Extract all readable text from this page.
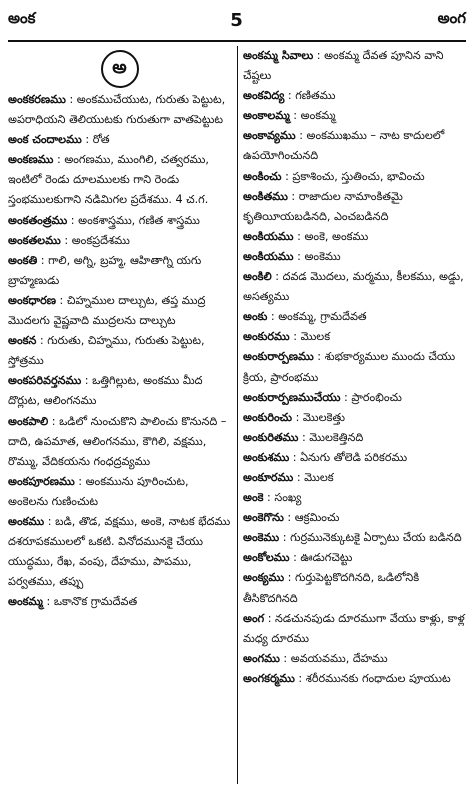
అంక	5	అంగ
అ

అంకకరణము : అంకముచేయుట, గురుతు పెట్టుట, అపరాధియని తెలియుటకు గురుతుగా వాతపెట్టుట

అంక చందాలము : రోత

అంకణము : అంగణము, ముంగిలి, చత్వరము, ఇంటిలో రెండు దూలములకు గాని రెండు స్తంభములకుగాని నడిమిగల ప్రదేశము. 4 చ.గ.

అంకతంత్రము : అంకశాస్త్రము, గణిత శాస్త్రము

అంకతలము : అంకప్రదేశము

అంకతి : గాలి, అగ్ని, బ్రహ్మ, ఆహితాగ్ని యగు బ్రాహ్మణుడు

అంకధారణ : చిహ్నముల దాల్చుట, తప్త ముద్ర మొదలగు వైష్ణవాది ముద్రలను దాల్చుట

అంకన : గురుతు, చిహ్నము, గురుతు పెట్టుట, స్తోత్రము

అంకపరివర్తనము : ఒత్తిగిల్లుట, అంకము మీద దొర్లుట, ఆలింగనము

అంకపాలి : ఒడిలో నుంచుకొని పాలించు కొనునది – దాది, ఉపమాత, ఆలింగనము, కౌగిలి, వక్షము, రొమ్ము, వేదికయను గంధద్రవ్యము

అంకపూరణము : అంకమును పూరించుట, అంకెలను గుణించుట

అంకము : బడి, తొడ, వక్షము, అంకె, నాటక భేదము దశరూపకములలో ఒకటి. వినోదమునకై చేయు యుద్ధము, రేఖ, వంపు, దేహము, పాపము, పర్వతము, తప్పు

అంకమ్మ : ఒకానొక గ్రామదేవత

అంకమ్మ సివాలు : అంకమ్మ దేవత పూనిన వాని చేష్టలు

అంకవిద్య : గణితము

అంకాలమ్మ : అంకమ్మ

అంకావ్యము : అంకముఖము – నాట కాదులలో ఉపయోగించునది

అంకించు : ప్రకాశించు, స్తుతించు, భావించు

అంకితము : రాజాదుల నామాంకితమై కృతియీయబడినది, ఎంచబడినది

అంకియము : అంకె, అంకము

అంకియము : అంకెము

అంకిలి : దవడ మొదలు, మర్మము, కీలకము, అడ్డు, అసత్యము

అంకు : అంకమ్మ, గ్రామదేవత

అంకురము : మొలక

అంకురార్పణము : శుభకార్యముల ముందు చేయు క్రియ, ప్రారంభము

అంకురార్పణముచేయు : ప్రారంభించు

అంకురించు : మొలకెత్తు

అంకురితము : మొలకెత్తినది

అంకుశము : ఏనుగు తోలెడి పరికరము

అంకూరము : మొలక

అంకె : సంఖ్య

అంకెగొను : ఆక్రమించు

అంకెము : గుర్రమునెక్కుటకై ఏర్పాటు చేయ బడినది

అంకోలము : ఊడుగచెట్టు

అంక్యము : గుర్తుపెట్టకొదగినది, ఒడిలోనికి తీసికొదగినది

అంగ : నడచునపుడు దూరముగా వేయు కాళ్లు, కాళ్ల మధ్య దూరము

అంగము : అవయవము, దేహము

అంగకర్మము : శరీరమునకు గంధాదుల పూయుట
